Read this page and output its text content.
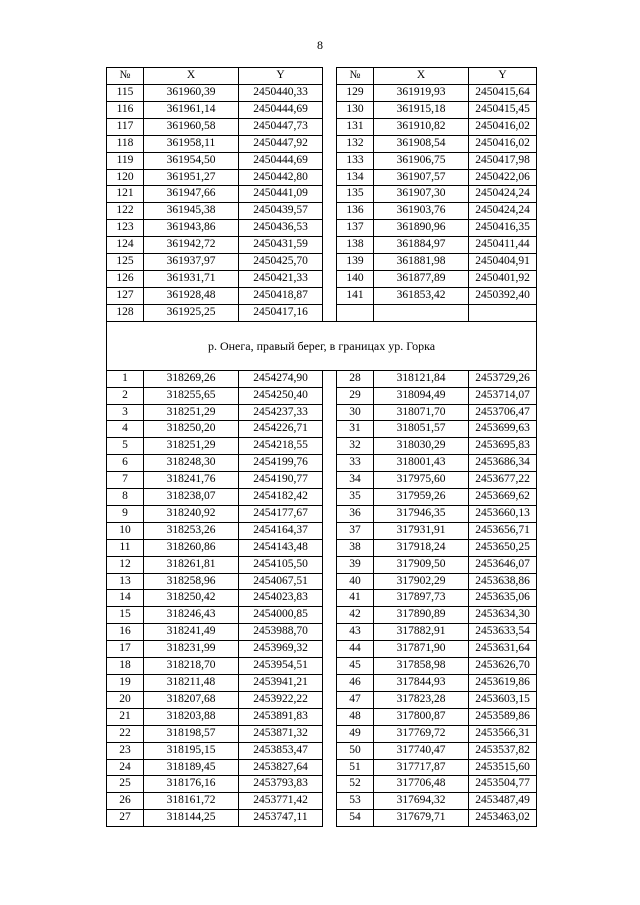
8
№	X	Y		№	X	Y
115	361960,39	2450440,33		129	361919,93	2450415,64
116	361961,14	2450444,69		130	361915,18	2450415,45
117	361960,58	2450447,73		131	361910,82	2450416,02
118	361958,11	2450447,92		132	361908,54	2450416,02
119	361954,50	2450444,69		133	361906,75	2450417,98
120	361951,27	2450442,80		134	361907,57	2450422,06
121	361947,66	2450441,09		135	361907,30	2450424,24
122	361945,38	2450439,57		136	361903,76	2450424,24
123	361943,86	2450436,53		137	361890,96	2450416,35
124	361942,72	2450431,59		138	361884,97	2450411,44
125	361937,97	2450425,70		139	361881,98	2450404,91
126	361931,71	2450421,33		140	361877,89	2450401,92
127	361928,48	2450418,87		141	361853,42	2450392,40
128	361925,25	2450417,16				
р. Онега, правый берег, в границах ур. Горка						
1	318269,26	2454274,90		28	318121,84	2453729,26
2	318255,65	2454250,40		29	318094,49	2453714,07
3	318251,29	2454237,33		30	318071,70	2453706,47
4	318250,20	2454226,71		31	318051,57	2453699,63
5	318251,29	2454218,55		32	318030,29	2453695,83
6	318248,30	2454199,76		33	318001,43	2453686,34
7	318241,76	2454190,77		34	317975,60	2453677,22
8	318238,07	2454182,42		35	317959,26	2453669,62
9	318240,92	2454177,67		36	317946,35	2453660,13
10	318253,26	2454164,37		37	317931,91	2453656,71
11	318260,86	2454143,48		38	317918,24	2453650,25
12	318261,81	2454105,50		39	317909,50	2453646,07
13	318258,96	2454067,51		40	317902,29	2453638,86
14	318250,42	2454023,83		41	317897,73	2453635,06
15	318246,43	2454000,85		42	317890,89	2453634,30
16	318241,49	2453988,70		43	317882,91	2453633,54
17	318231,99	2453969,32		44	317871,90	2453631,64
18	318218,70	2453954,51		45	317858,98	2453626,70
19	318211,48	2453941,21		46	317844,93	2453619,86
20	318207,68	2453922,22		47	317823,28	2453603,15
21	318203,88	2453891,83		48	317800,87	2453589,86
22	318198,57	2453871,32		49	317769,72	2453566,31
23	318195,15	2453853,47		50	317740,47	2453537,82
24	318189,45	2453827,64		51	317717,87	2453515,60
25	318176,16	2453793,83		52	317706,48	2453504,77
26	318161,72	2453771,42		53	317694,32	2453487,49
27	318144,25	2453747,11		54	317679,71	2453463,02
